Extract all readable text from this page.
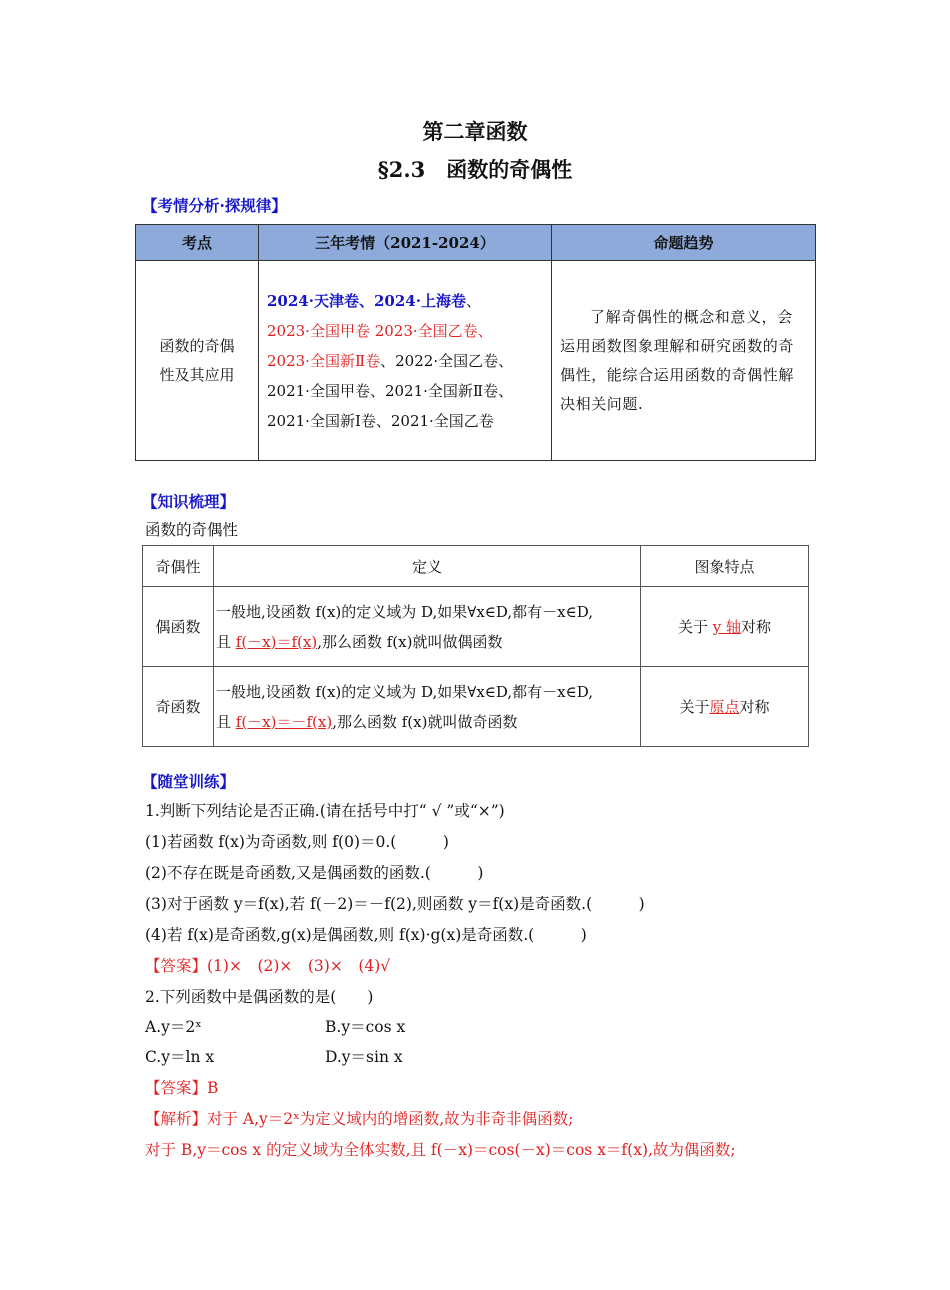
第二章函数
§2.3　函数的奇偶性
【考情分析·探规律】
考点	三年考情（2021-2024）	命题趋势
函数的奇偶性及其应用	2024·天津卷、2024·上海卷、
2023·全国甲卷 2023·全国乙卷、
2023·全国新Ⅱ卷、2022·全国乙卷、
2021·全国甲卷、2021·全国新Ⅱ卷、
2021·全国新Ⅰ卷、2021·全国乙卷	了解奇偶性的概念和意义，会运用函数图象理解和研究函数的奇偶性，能综合运用函数的奇偶性解决相关问题.
【知识梳理】
函数的奇偶性
奇偶性	定义	图象特点
偶函数	一般地,设函数 f(x)的定义域为 D,如果∀x∈D,都有－x∈D,
且 f(－x)＝f(x),那么函数 f(x)就叫做偶函数	关于 y 轴对称
奇函数	一般地,设函数 f(x)的定义域为 D,如果∀x∈D,都有－x∈D,
且 f(－x)＝－f(x),那么函数 f(x)就叫做奇函数	关于原点对称
【随堂训练】
1.判断下列结论是否正确.(请在括号中打“ √ ”或“×”)
(1)若函数 f(x)为奇函数,则 f(0)＝0.(　　　)
(2)不存在既是奇函数,又是偶函数的函数.(　　　)
(3)对于函数 y＝f(x),若 f(－2)＝－f(2),则函数 y＝f(x)是奇函数.(　　　)
(4)若 f(x)是奇函数,g(x)是偶函数,则 f(x)·g(x)是奇函数.(　　　)
【答案】(1)×　(2)×　(3)×　(4)√
2.下列函数中是偶函数的是(　　)
A.y＝2ˣ	B.y＝cos x
C.y＝ln x	D.y＝sin x
【答案】B
【解析】对于 A,y＝2ˣ为定义域内的增函数,故为非奇非偶函数;
对于 B,y＝cos x 的定义域为全体实数,且 f(－x)＝cos(－x)＝cos x＝f(x),故为偶函数;
